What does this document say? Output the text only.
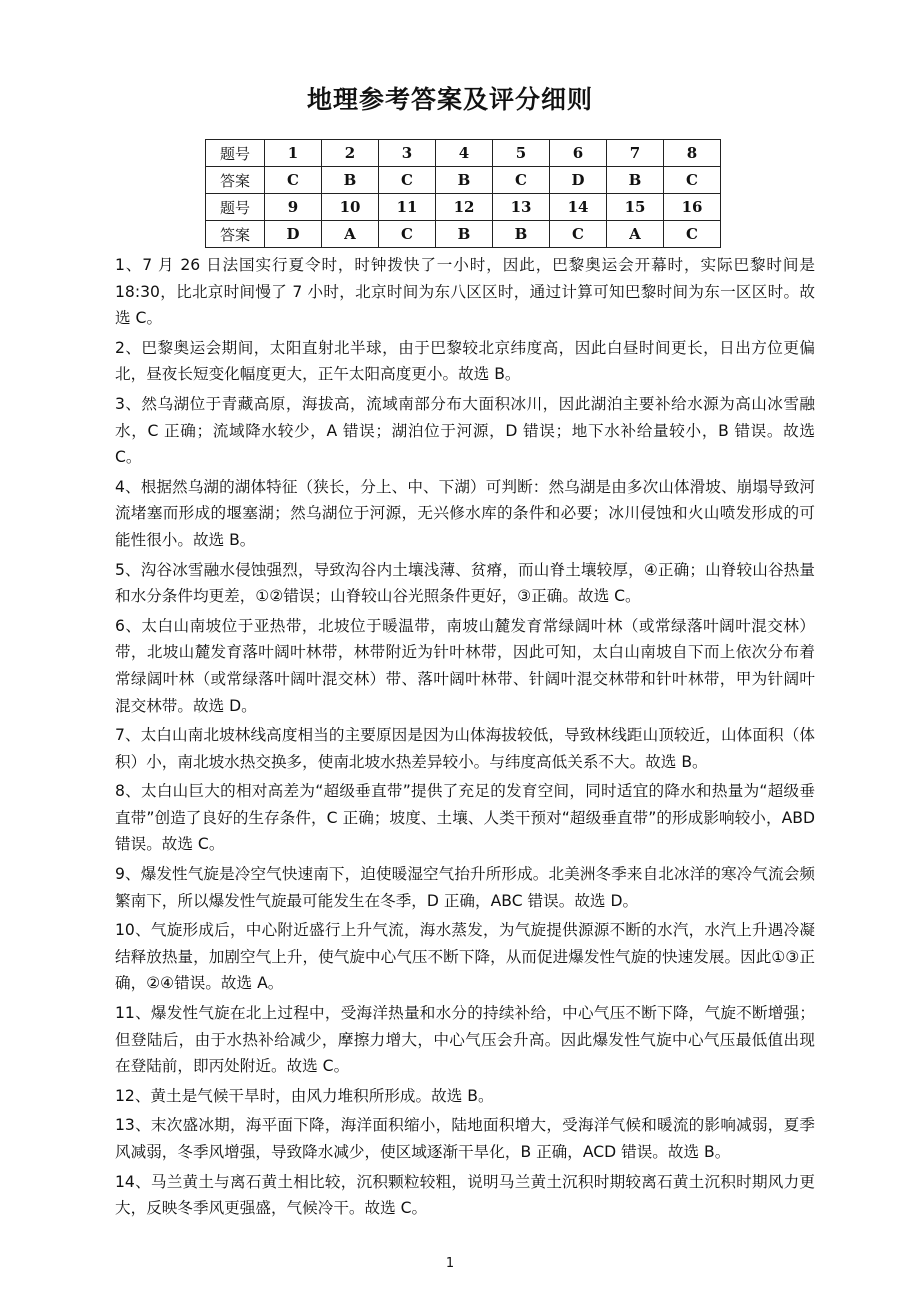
地理参考答案及评分细则
题号	1	2	3	4	5	6	7	8
答案	C	B	C	B	C	D	B	C
题号	9	10	11	12	13	14	15	16
答案	D	A	C	B	B	C	A	C

1、7 月 26 日法国实行夏令时，时钟拨快了一小时，因此，巴黎奥运会开幕时，实际巴黎时间是 18:30，比北京时间慢了 7 小时，北京时间为东八区区时，通过计算可知巴黎时间为东一区区时。故选 C。

2、巴黎奥运会期间，太阳直射北半球，由于巴黎较北京纬度高，因此白昼时间更长，日出方位更偏北，昼夜长短变化幅度更大，正午太阳高度更小。故选 B。

3、然乌湖位于青藏高原，海拔高，流域南部分布大面积冰川，因此湖泊主要补给水源为高山冰雪融水，C 正确；流域降水较少，A 错误；湖泊位于河源，D 错误；地下水补给量较小，B 错误。故选 C。

4、根据然乌湖的湖体特征（狭长，分上、中、下湖）可判断：然乌湖是由多次山体滑坡、崩塌导致河流堵塞而形成的堰塞湖；然乌湖位于河源，无兴修水库的条件和必要；冰川侵蚀和火山喷发形成的可能性很小。故选 B。

5、沟谷冰雪融水侵蚀强烈，导致沟谷内土壤浅薄、贫瘠，而山脊土壤较厚，④正确；山脊较山谷热量和水分条件均更差，①②错误；山脊较山谷光照条件更好，③正确。故选 C。

6、太白山南坡位于亚热带，北坡位于暖温带，南坡山麓发育常绿阔叶林（或常绿落叶阔叶混交林）带，北坡山麓发育落叶阔叶林带，林带附近为针叶林带，因此可知，太白山南坡自下而上依次分布着常绿阔叶林（或常绿落叶阔叶混交林）带、落叶阔叶林带、针阔叶混交林带和针叶林带，甲为针阔叶混交林带。故选 D。

7、太白山南北坡林线高度相当的主要原因是因为山体海拔较低，导致林线距山顶较近，山体面积（体积）小，南北坡水热交换多，使南北坡水热差异较小。与纬度高低关系不大。故选 B。

8、太白山巨大的相对高差为“超级垂直带”提供了充足的发育空间，同时适宜的降水和热量为“超级垂直带”创造了良好的生存条件，C 正确；坡度、土壤、人类干预对“超级垂直带”的形成影响较小，ABD 错误。故选 C。

9、爆发性气旋是冷空气快速南下，迫使暖湿空气抬升所形成。北美洲冬季来自北冰洋的寒冷气流会频繁南下，所以爆发性气旋最可能发生在冬季，D 正确，ABC 错误。故选 D。

10、气旋形成后，中心附近盛行上升气流，海水蒸发，为气旋提供源源不断的水汽，水汽上升遇冷凝结释放热量，加剧空气上升，使气旋中心气压不断下降，从而促进爆发性气旋的快速发展。因此①③正确，②④错误。故选 A。

11、爆发性气旋在北上过程中，受海洋热量和水分的持续补给，中心气压不断下降，气旋不断增强；但登陆后，由于水热补给减少，摩擦力增大，中心气压会升高。因此爆发性气旋中心气压最低值出现在登陆前，即丙处附近。故选 C。

12、黄土是气候干旱时，由风力堆积所形成。故选 B。

13、末次盛冰期，海平面下降，海洋面积缩小，陆地面积增大，受海洋气候和暖流的影响减弱，夏季风减弱，冬季风增强，导致降水减少，使区域逐渐干旱化，B 正确，ACD 错误。故选 B。

14、马兰黄土与离石黄土相比较，沉积颗粒较粗，说明马兰黄土沉积时期较离石黄土沉积时期风力更大，反映冬季风更强盛，气候冷干。故选 C。

1
